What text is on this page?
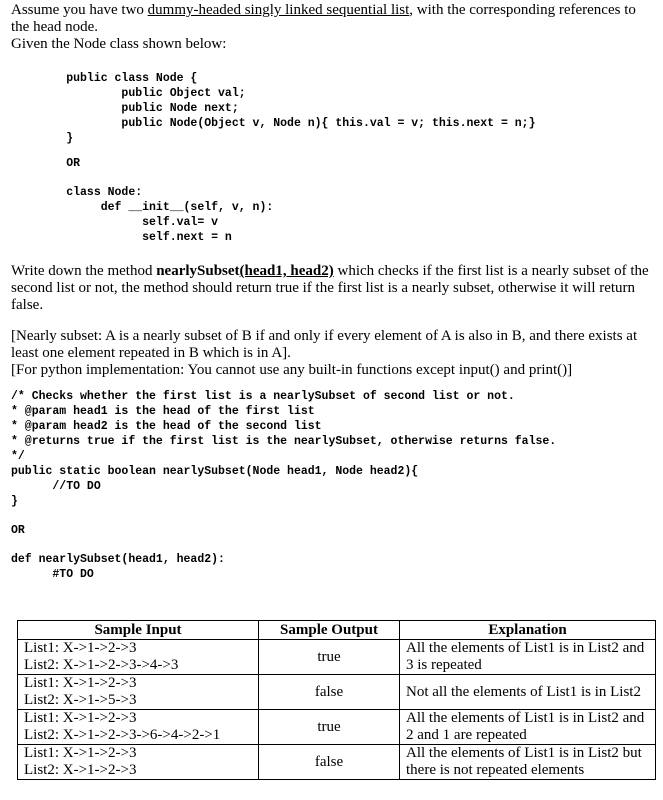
Assume you have two dummy-headed singly linked sequential list, with the corresponding references to the head node.

Given the Node class shown below:

public class Node {
public Object val;
public Node next;
public Node(Object v, Node n){ this.val = v; this.next = n;}
}
OR
class Node:
def __init__(self, v, n):
self.val= v
self.next = n

Write down the method nearlySubset(head1, head2) which checks if the first list is a nearly subset of the second list or not, the method should return true if the first list is a nearly subset, otherwise it will return false.

[Nearly subset: A is a nearly subset of B if and only if every element of A is also in B, and there exists at least one element repeated in B which is in A].

[For python implementation: You cannot use any built-in functions except input() and print()]

/* Checks whether the first list is a nearlySubset of second list or not.
* @param head1 is the head of the first list
* @param head2 is the head of the second list
* @returns true if the first list is the nearlySubset, otherwise returns false.
*/
public static boolean nearlySubset(Node head1, Node head2){
//TO DO
}
OR
def nearlySubset(head1, head2):
#TO DO
Sample Input	Sample Output	Explanation

List1: X->1->2->3
List2: X->1->2->3->4->3	true	All the elements of List1 is in List2 and 3 is repeated

List1: X->1->2->3
List2: X->1->5->3	false	Not all the elements of List1 is in List2

List1: X->1->2->3
List2: X->1->2->3->6->4->2->1	true	All the elements of List1 is in List2 and 2 and 1 are repeated

List1: X->1->2->3
List2: X->1->2->3	false	All the elements of List1 is in List2 but there is not repeated elements
